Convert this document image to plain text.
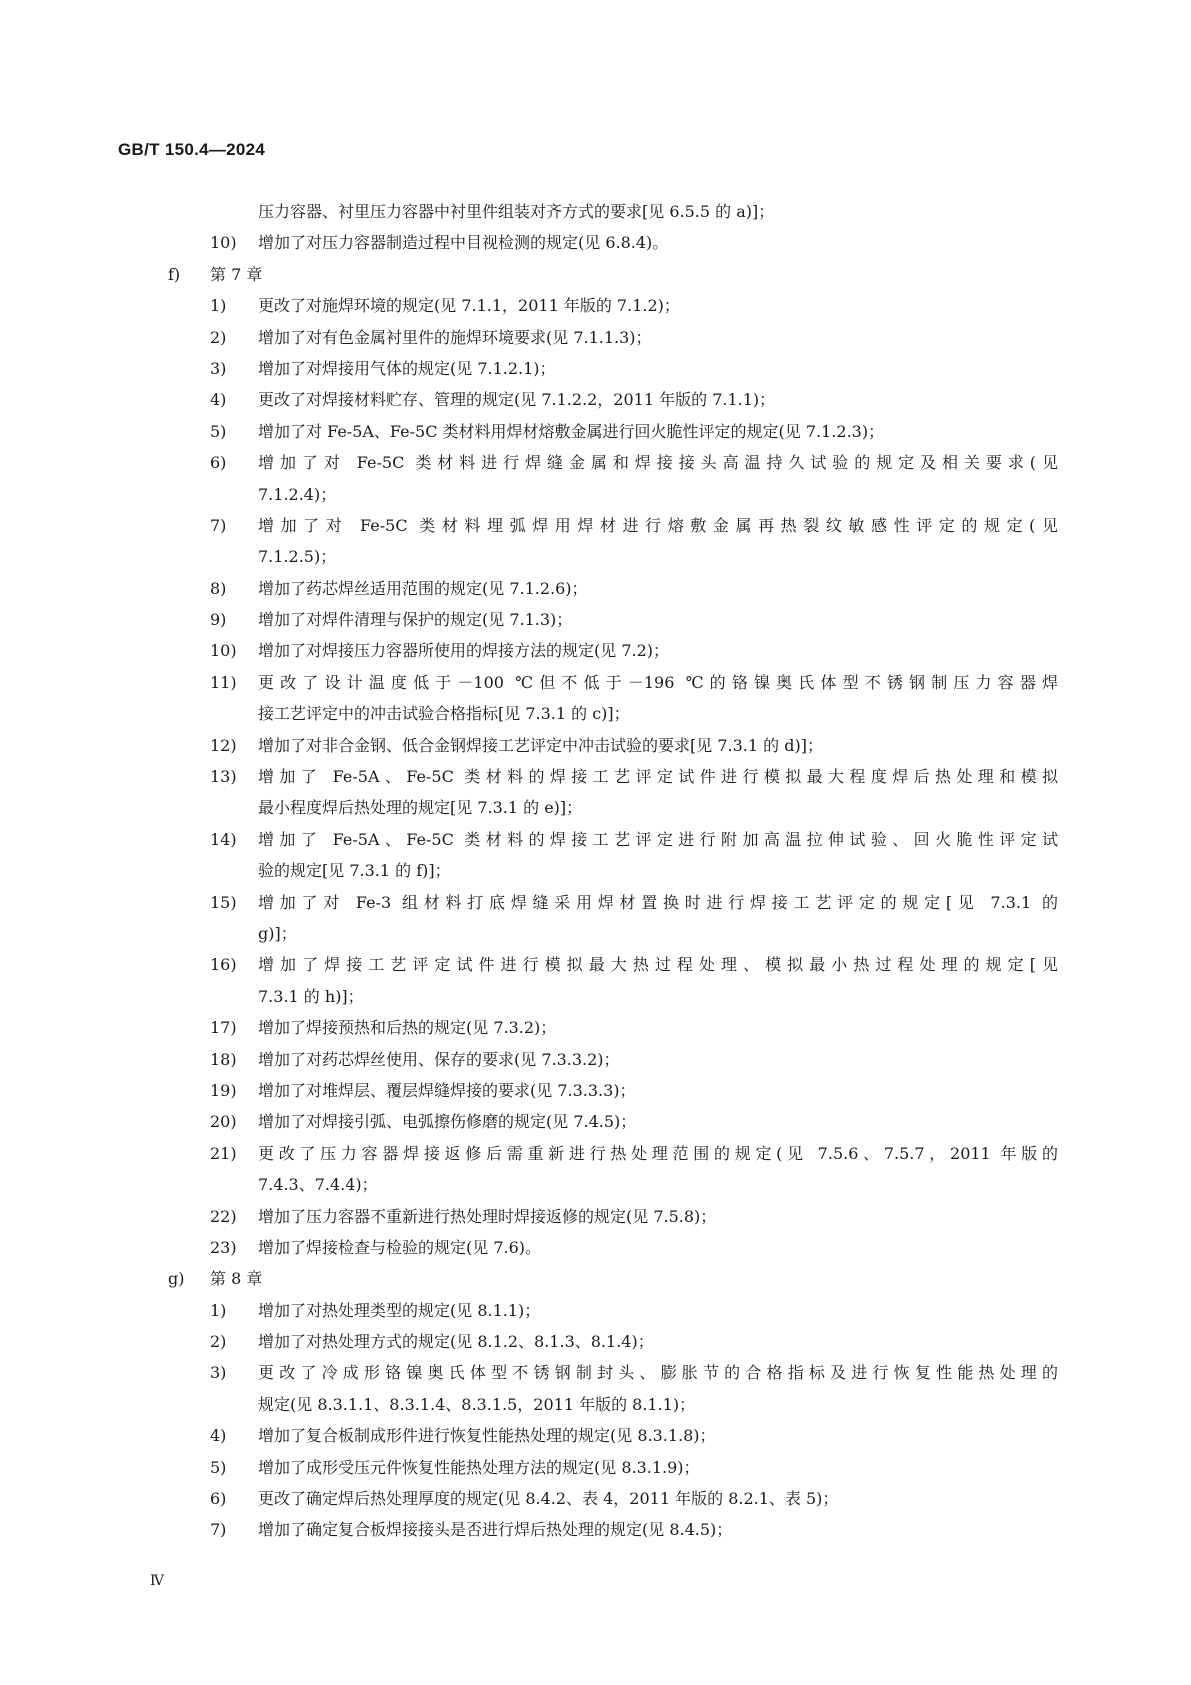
GB/T 150.4—2024
压力容器、衬里压力容器中衬里件组装对齐方式的要求[见 6.5.5 的 a)]；
10) 增加了对压力容器制造过程中目视检测的规定(见 6.8.4)。
f) 第 7 章
1) 更改了对施焊环境的规定(见 7.1.1，2011 年版的 7.1.2)；
2) 增加了对有色金属衬里件的施焊环境要求(见 7.1.1.3)；
3) 增加了对焊接用气体的规定(见 7.1.2.1)；
4) 更改了对焊接材料贮存、管理的规定(见 7.1.2.2，2011 年版的 7.1.1)；
5) 增加了对 Fe-5A、Fe-5C 类材料用焊材熔敷金属进行回火脆性评定的规定(见 7.1.2.3)；
6) 增加了对 Fe-5C 类材料进行焊缝金属和焊接接头高温持久试验的规定及相关要求(见
7.1.2.4)；
7) 增加了对 Fe-5C 类材料埋弧焊用焊材进行熔敷金属再热裂纹敏感性评定的规定(见
7.1.2.5)；
8) 增加了药芯焊丝适用范围的规定(见 7.1.2.6)；
9) 增加了对焊件清理与保护的规定(见 7.1.3)；
10) 增加了对焊接压力容器所使用的焊接方法的规定(见 7.2)；
11) 更改了设计温度低于－100 ℃但不低于－196 ℃的铬镍奥氏体型不锈钢制压力容器焊
接工艺评定中的冲击试验合格指标[见 7.3.1 的 c)]；
12) 增加了对非合金钢、低合金钢焊接工艺评定中冲击试验的要求[见 7.3.1 的 d)]；
13) 增加了 Fe-5A、Fe-5C 类材料的焊接工艺评定试件进行模拟最大程度焊后热处理和模拟
最小程度焊后热处理的规定[见 7.3.1 的 e)]；
14) 增加了 Fe-5A、Fe-5C 类材料的焊接工艺评定进行附加高温拉伸试验、回火脆性评定试
验的规定[见 7.3.1 的 f)]；
15) 增加了对 Fe-3 组材料打底焊缝采用焊材置换时进行焊接工艺评定的规定[见 7.3.1 的
g)]；
16) 增加了焊接工艺评定试件进行模拟最大热过程处理、模拟最小热过程处理的规定[见
7.3.1 的 h)]；
17) 增加了焊接预热和后热的规定(见 7.3.2)；
18) 增加了对药芯焊丝使用、保存的要求(见 7.3.3.2)；
19) 增加了对堆焊层、覆层焊缝焊接的要求(见 7.3.3.3)；
20) 增加了对焊接引弧、电弧擦伤修磨的规定(见 7.4.5)；
21) 更改了压力容器焊接返修后需重新进行热处理范围的规定(见 7.5.6、7.5.7，2011 年版的
7.4.3、7.4.4)；
22) 增加了压力容器不重新进行热处理时焊接返修的规定(见 7.5.8)；
23) 增加了焊接检查与检验的规定(见 7.6)。
g) 第 8 章
1) 增加了对热处理类型的规定(见 8.1.1)；
2) 增加了对热处理方式的规定(见 8.1.2、8.1.3、8.1.4)；
3) 更改了冷成形铬镍奥氏体型不锈钢制封头、膨胀节的合格指标及进行恢复性能热处理的
规定(见 8.3.1.1、8.3.1.4、8.3.1.5，2011 年版的 8.1.1)；
4) 增加了复合板制成形件进行恢复性能热处理的规定(见 8.3.1.8)；
5) 增加了成形受压元件恢复性能热处理方法的规定(见 8.3.1.9)；
6) 更改了确定焊后热处理厚度的规定(见 8.4.2、表 4，2011 年版的 8.2.1、表 5)；
7) 增加了确定复合板焊接接头是否进行焊后热处理的规定(见 8.4.5)；
Ⅳ
